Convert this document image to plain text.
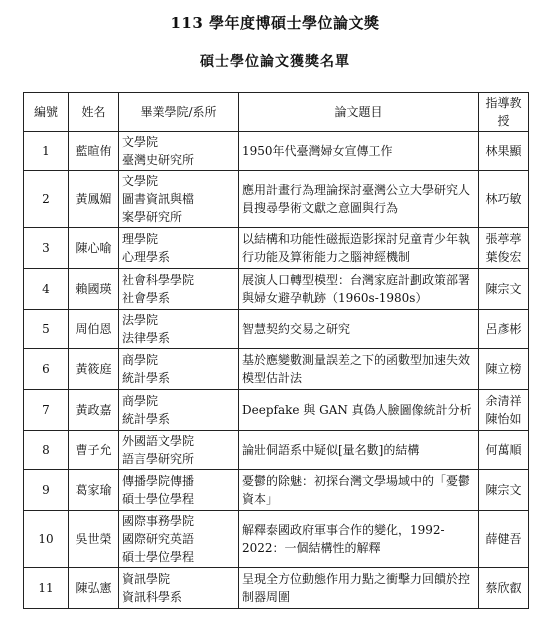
113 學年度博碩士學位論文獎
碩士學位論文獲獎名單
編號	姓名	畢業學院/系所	論文題目	指導教授
1	藍暄侑	文學院
臺灣史研究所	1950年代臺灣婦女宣傳工作	林果顯

2	黃鳳媚	文學院
圖書資訊與檔
案學研究所	應用計畫行為理論探討臺灣公立大學研究人員搜尋學術文獻之意圖與行為	林巧敏

3	陳心喻	理學院
心理學系	以結構和功能性磁振造影探討兒童青少年執行功能及算術能力之腦神經機制	張葶葶
葉俊宏

4	賴國瑛	社會科學學院
社會學系	展演人口轉型模型：台灣家庭計劃政策部署與婦女避孕軌跡（1960s-1980s）	陳宗文

5	周伯恩	法學院
法律學系	智慧契約交易之研究	呂彥彬

6	黃筱庭	商學院
統計學系	基於應變數測量誤差之下的函數型加速失效模型估計法	陳立榜

7	黃政嘉	商學院
統計學系	Deepfake 與 GAN 真偽人臉圖像統計分析	余清祥
陳怡如

8	曹子允	外國語文學院
語言學研究所	論壯侗語系中疑似[量名數]的結構	何萬順

9	葛家瑜	傳播學院傳播
碩士學位學程	憂鬱的除魅：初探台灣文學場域中的「憂鬱資本」	陳宗文

10	吳世榮	國際事務學院
國際研究英語
碩士學位學程	解釋泰國政府軍事合作的變化，1992-2022：一個結構性的解釋	薛健吾

11	陳弘憲	資訊學院
資訊科學系	呈現全方位動態作用力點之衝擊力回饋於控制器周圍	蔡欣叡
